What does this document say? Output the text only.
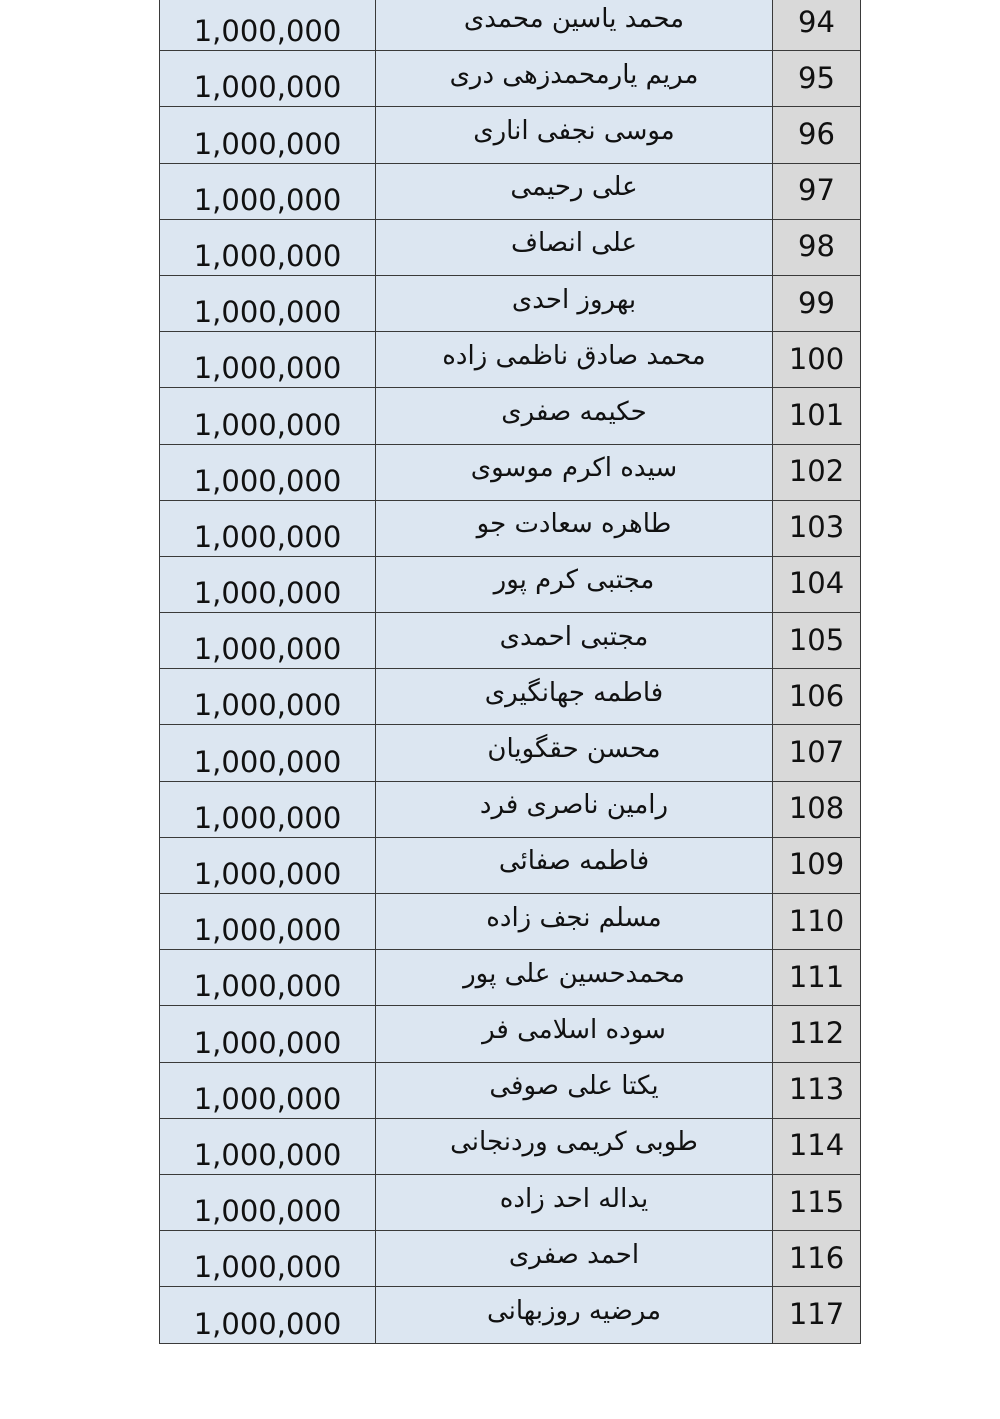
1,000,000	محمد یاسین محمدی	94
1,000,000	مریم یارمحمدزهی دری	95
1,000,000	موسی نجفی اناری	96
1,000,000	علی رحیمی	97
1,000,000	علی انصاف	98
1,000,000	بهروز احدی	99
1,000,000	محمد صادق ناظمی زاده	100
1,000,000	حکیمه صفری	101
1,000,000	سیده اکرم موسوی	102
1,000,000	طاهره سعادت جو	103
1,000,000	مجتبی کرم پور	104
1,000,000	مجتبی احمدی	105
1,000,000	فاطمه جهانگیری	106
1,000,000	محسن حقگویان	107
1,000,000	رامین ناصری فرد	108
1,000,000	فاطمه صفائی	109
1,000,000	مسلم نجف زاده	110
1,000,000	محمدحسین علی پور	111
1,000,000	سوده اسلامی فر	112
1,000,000	یکتا علی صوفی	113
1,000,000	طوبی کریمی وردنجانی	114
1,000,000	یداله احد زاده	115
1,000,000	احمد صفری	116
1,000,000	مرضیه روزبهانی	117
